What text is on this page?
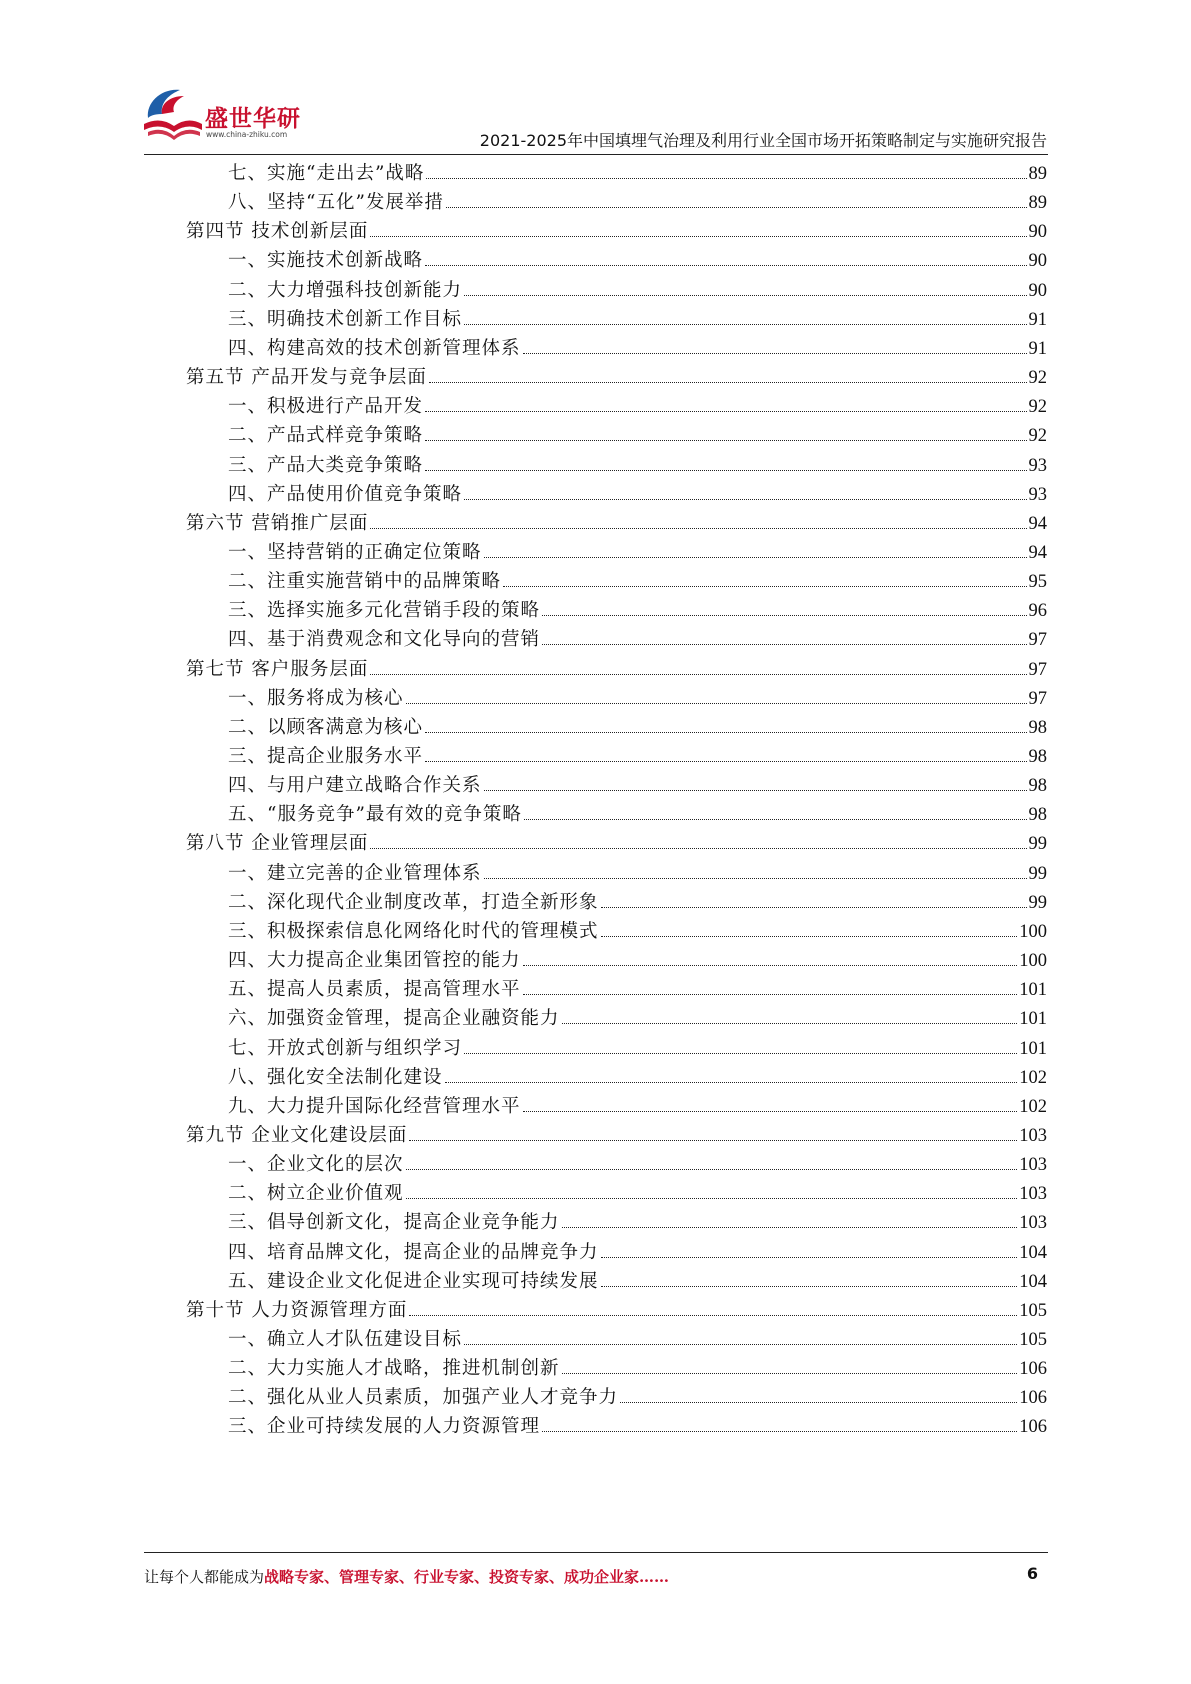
盛世华研
www.china-zhiku.com	2021-2025年中国填埋气治理及利用行业全国市场开拓策略制定与实施研究报告
七、实施“走出去”战略	89
八、坚持“五化”发展举措	89
第四节 技术创新层面	90
一、实施技术创新战略	90
二、大力增强科技创新能力	90
三、明确技术创新工作目标	91
四、构建高效的技术创新管理体系	91
第五节 产品开发与竞争层面	92
一、积极进行产品开发	92
二、产品式样竞争策略	92
三、产品大类竞争策略	93
四、产品使用价值竞争策略	93
第六节 营销推广层面	94
一、坚持营销的正确定位策略	94
二、注重实施营销中的品牌策略	95
三、选择实施多元化营销手段的策略	96
四、基于消费观念和文化导向的营销	97
第七节 客户服务层面	97
一、服务将成为核心	97
二、以顾客满意为核心	98
三、提高企业服务水平	98
四、与用户建立战略合作关系	98
五、“服务竞争”最有效的竞争策略	98
第八节 企业管理层面	99
一、建立完善的企业管理体系	99
二、深化现代企业制度改革，打造全新形象	99
三、积极探索信息化网络化时代的管理模式	100
四、大力提高企业集团管控的能力	100
五、提高人员素质，提高管理水平	101
六、加强资金管理，提高企业融资能力	101
七、开放式创新与组织学习	101
八、强化安全法制化建设	102
九、大力提升国际化经营管理水平	102
第九节 企业文化建设层面	103
一、企业文化的层次	103
二、树立企业价值观	103
三、倡导创新文化，提高企业竞争能力	103
四、培育品牌文化，提高企业的品牌竞争力	104
五、建设企业文化促进企业实现可持续发展	104
第十节 人力资源管理方面	105
一、确立人才队伍建设目标	105
二、大力实施人才战略，推进机制创新	106
二、强化从业人员素质，加强产业人才竞争力	106
三、企业可持续发展的人力资源管理	106
让每个人都能成为战略专家、管理专家、行业专家、投资专家、成功企业家……	6
